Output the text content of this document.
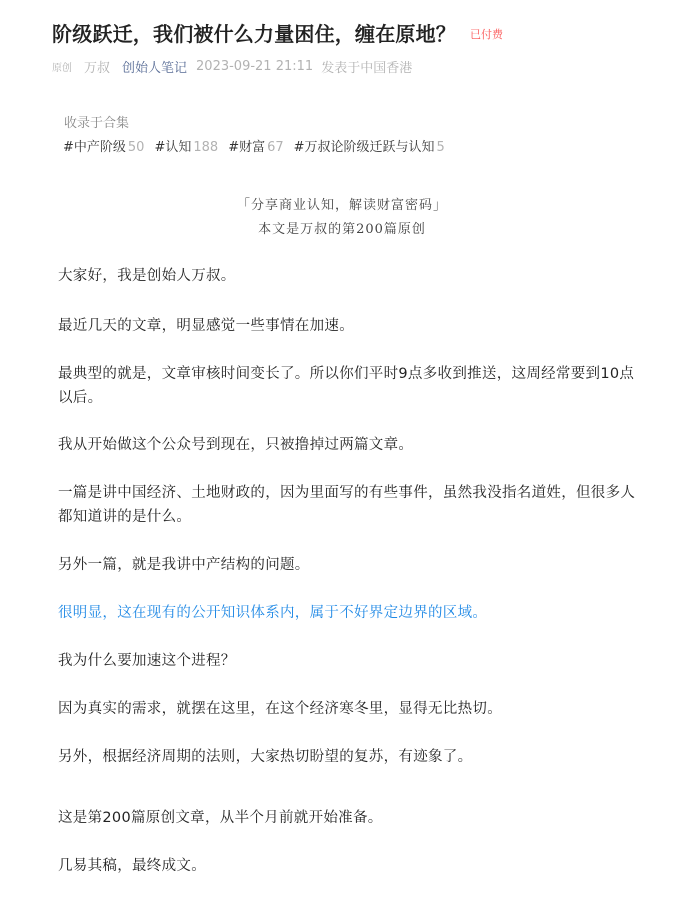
阶级跃迁，我们被什么力量困住，缠在原地？ 已付费
原创 万叔 创始人笔记 2023-09-21 21:11 发表于中国香港
收录于合集
#中产阶级 50 #认知 188 #财富 67 #万叔论阶级迁跃与认知 5
「分享商业认知，解读财富密码」
本文是万叔的第200篇原创

大家好，我是创始人万叔。

最近几天的文章，明显感觉一些事情在加速。

最典型的就是，文章审核时间变长了。所以你们平时9点多收到推送，这周经常要到10点以后。

我从开始做这个公众号到现在，只被撸掉过两篇文章。

一篇是讲中国经济、土地财政的，因为里面写的有些事件，虽然我没指名道姓，但很多人都知道讲的是什么。

另外一篇，就是我讲中产结构的问题。

很明显，这在现有的公开知识体系内，属于不好界定边界的区域。

我为什么要加速这个进程？

因为真实的需求，就摆在这里，在这个经济寒冬里，显得无比热切。

另外，根据经济周期的法则，大家热切盼望的复苏，有迹象了。

这是第200篇原创文章，从半个月前就开始准备。

几易其稿，最终成文。
